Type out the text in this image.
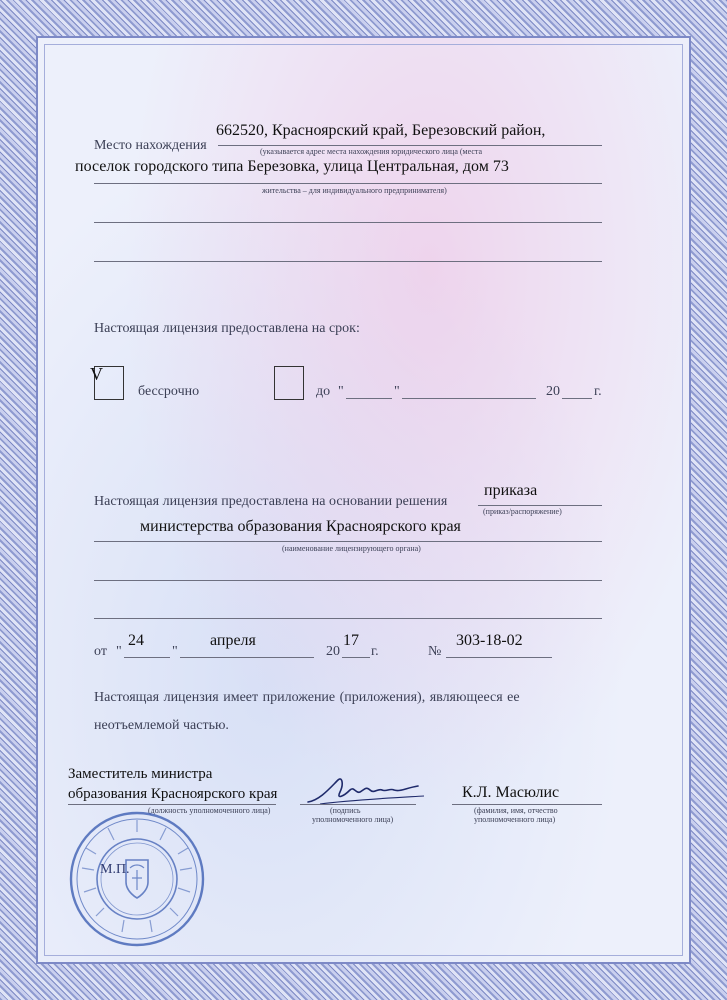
Место нахождения
662520, Красноярский край, Березовский район,
(указывается адрес места нахождения юридического лица (места
поселок городского типа Березовка, улица Центральная, дом 73
жительства – для индивидуального предпринимателя)
Настоящая лицензия предоставлена на срок:
V
бессрочно	до "	"	20 г.
Настоящая лицензия предоставлена на основании решения
приказа
(приказ/распоряжение)
министерства образования Красноярского края
(наименование лицензирующего органа)
от "
24
"
апреля
20
17
г.	№
303-18-02
Настоящая лицензия имеет приложение (приложения), являющееся ее
неотъемлемой частью.
Заместитель министра
образования Красноярского края
(должность уполномоченного лица)	(подпись
уполномоченного лица)
К.Л. Масюлис
(фамилия, имя, отчество
уполномоченного лица)
М.П.
